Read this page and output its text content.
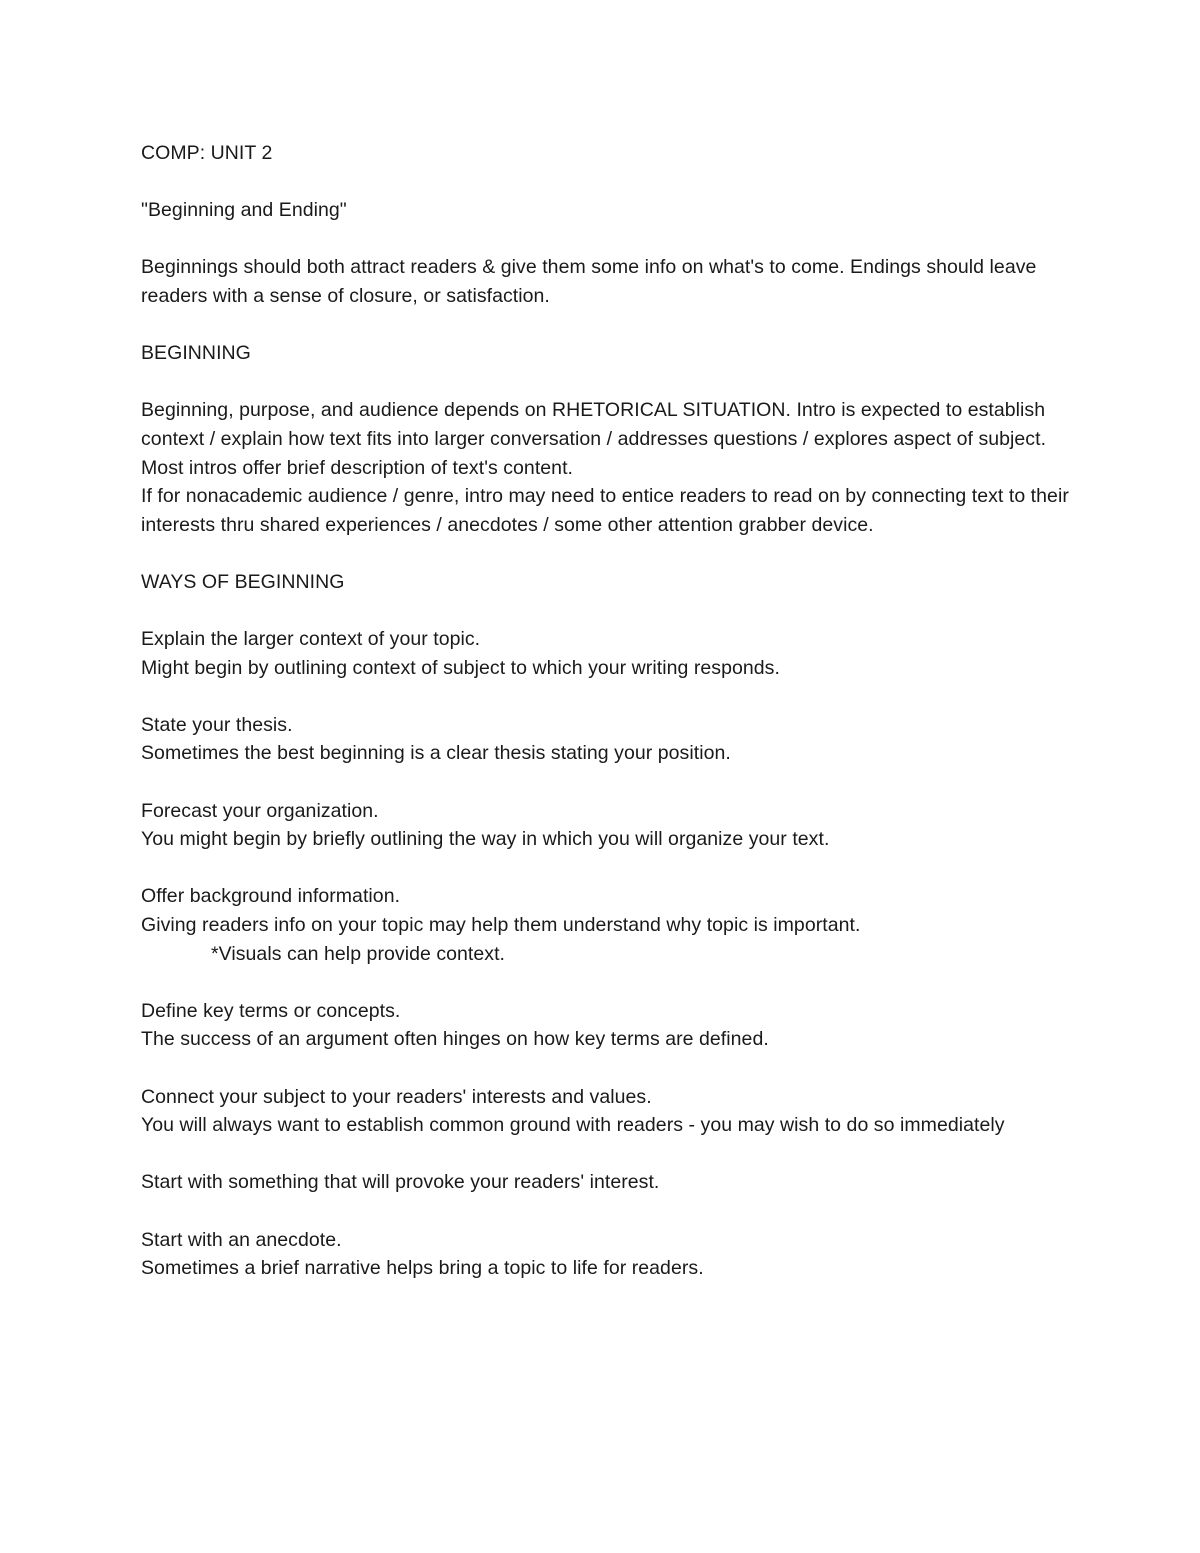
COMP: UNIT 2

"Beginning and Ending"

Beginnings should both attract readers & give them some info on what's to come. Endings should leave readers with a sense of closure, or satisfaction.

BEGINNING

Beginning, purpose, and audience depends on RHETORICAL SITUATION. Intro is expected to establish context / explain how text fits into larger conversation / addresses questions / explores aspect of subject. Most intros offer brief description of text's content.
If for nonacademic audience / genre, intro may need to entice readers to read on by connecting text to their interests thru shared experiences / anecdotes / some other attention grabber device.

WAYS OF BEGINNING

Explain the larger context of your topic.
Might begin by outlining context of subject to which your writing responds.
State your thesis.
Sometimes the best beginning is a clear thesis stating your position.
Forecast your organization.
You might begin by briefly outlining the way in which you will organize your text.
Offer background information.
Giving readers info on your topic may help them understand why topic is important.
*Visuals can help provide context.
Define key terms or concepts.
The success of an argument often hinges on how key terms are defined.
Connect your subject to your readers' interests and values.
You will always want to establish common ground with readers - you may wish to do so immediately
Start with something that will provoke your readers' interest.
Start with an anecdote.
Sometimes a brief narrative helps bring a topic to life for readers.
